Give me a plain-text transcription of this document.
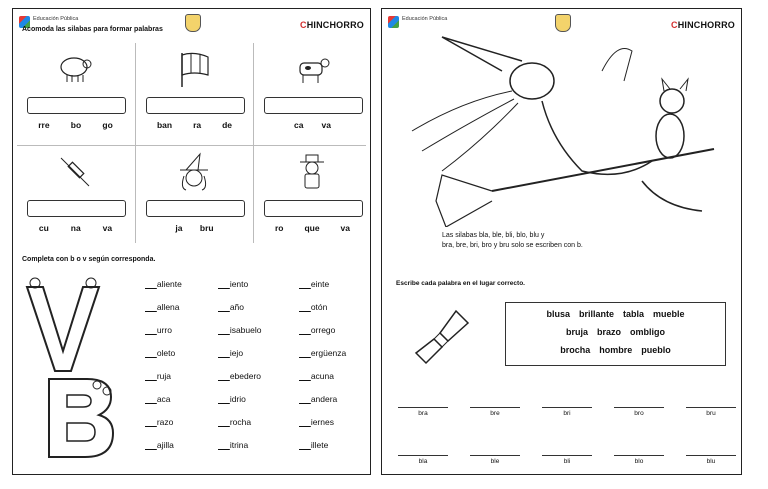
Educación Pública
CHINCHORRO
Acomoda las silabas para formar palabras
rre bo go	ban ra de	ca va
cu	na	va	ja bru	ro que va
Completa con b o v según corresponda.
aliente
allena
urro
oleto
ruja
aca
razo
ajilla
iento
año
isabuelo
iejo
ebedero
idrio
rocha
itrina
einte
otón
orrego
ergüenza
acuna
andera
iernes
illete
Educación Pública
CHINCHORRO
Las silabas bla, ble, bli, blo, blu y
bra, bre, bri, bro y bru solo se escriben con b.
Escribe cada palabra en el lugar correcto.
blusa brillante tabla mueble
bruja brazo ombligo
brocha hombre pueblo
bra	bre	bri	bro	bru
bla	ble	bli	blo	blu
